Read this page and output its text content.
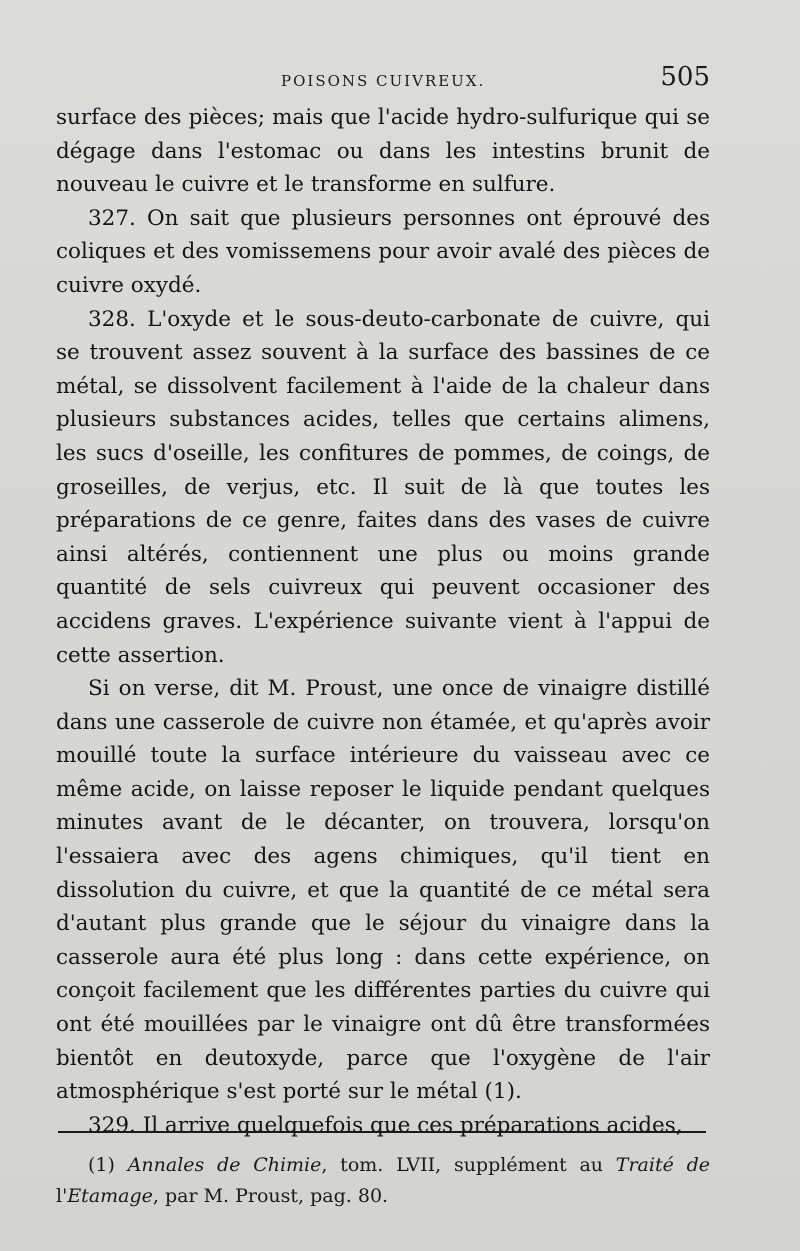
POISONS CUIVREUX.	505

surface des pièces; mais que l'acide hydro-sulfurique qui se dégage dans l'estomac ou dans les intestins brunit de nouveau le cuivre et le transforme en sulfure.

327. On sait que plusieurs personnes ont éprouvé des coliques et des vomissemens pour avoir avalé des pièces de cuivre oxydé.

328. L'oxyde et le sous-deuto-carbonate de cuivre, qui se trouvent assez souvent à la surface des bassines de ce métal, se dissolvent facilement à l'aide de la chaleur dans plusieurs substances acides, telles que certains alimens, les sucs d'oseille, les confitures de pommes, de coings, de groseilles, de verjus, etc. Il suit de là que toutes les préparations de ce genre, faites dans des vases de cuivre ainsi altérés, contiennent une plus ou moins grande quantité de sels cuivreux qui peuvent occasioner des accidens graves. L'expérience suivante vient à l'appui de cette assertion.

Si on verse, dit M. Proust, une once de vinaigre distillé dans une casserole de cuivre non étamée, et qu'après avoir mouillé toute la surface intérieure du vaisseau avec ce même acide, on laisse reposer le liquide pendant quelques minutes avant de le décanter, on trouvera, lorsqu'on l'essaiera avec des agens chimiques, qu'il tient en dissolution du cuivre, et que la quantité de ce métal sera d'autant plus grande que le séjour du vinaigre dans la casserole aura été plus long : dans cette expérience, on conçoit facilement que les différentes parties du cuivre qui ont été mouillées par le vinaigre ont dû être transformées bientôt en deutoxyde, parce que l'oxygène de l'air atmosphérique s'est porté sur le métal (1).

329. Il arrive quelquefois que ces préparations acides,

(1) Annales de Chimie, tom. LVII, supplément au Traité de l'Etamage, par M. Proust, pag. 80.
